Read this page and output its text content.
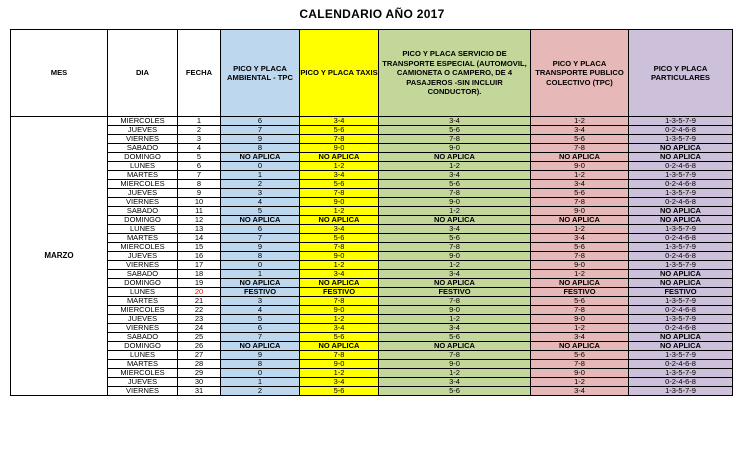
CALENDARIO AÑO 2017
MES	DIA	FECHA	PICO Y PLACA AMBIENTAL - TPC	PICO Y PLACA TAXIS	PICO Y PLACA SERVICIO DE TRANSPORTE ESPECIAL (AUTOMOVIL, CAMIONETA O CAMPERO, DE 4 PASAJEROS -SIN INCLUIR CONDUCTOR).	PICO Y PLACA TRANSPORTE PUBLICO COLECTIVO (TPC)	PICO Y PLACA PARTICULARES
MARZO	MIERCOLES	1	6	3-4	3-4	1-2	1-3-5-7-9
	JUEVES	2	7	5-6	5-6	3-4	0-2-4-6-8
	VIERNES	3	9	7-8	7-8	5-6	1-3-5-7-9
	SABADO	4	8	9-0	9-0	7-8	NO APLICA
	DOMINGO	5	NO APLICA	NO APLICA	NO APLICA	NO APLICA	NO APLICA
	LUNES	6	0	1-2	1-2	9-0	0-2-4-6-8
	MARTES	7	1	3-4	3-4	1-2	1-3-5-7-9
	MIERCOLES	8	2	5-6	5-6	3-4	0-2-4-6-8
	JUEVES	9	3	7-8	7-8	5-6	1-3-5-7-9
	VIERNES	10	4	9-0	9-0	7-8	0-2-4-6-8
	SABADO	11	5	1-2	1-2	9-0	NO APLICA
	DOMINGO	12	NO APLICA	NO APLICA	NO APLICA	NO APLICA	NO APLICA
	LUNES	13	6	3-4	3-4	1-2	1-3-5-7-9
	MARTES	14	7	5-6	5-6	3-4	0-2-4-6-8
	MIERCOLES	15	9	7-8	7-8	5-6	1-3-5-7-9
	JUEVES	16	8	9-0	9-0	7-8	0-2-4-6-8
	VIERNES	17	0	1-2	1-2	9-0	1-3-5-7-9
	SABADO	18	1	3-4	3-4	1-2	NO APLICA
	DOMINGO	19	NO APLICA	NO APLICA	NO APLICA	NO APLICA	NO APLICA
	LUNES	20	FESTIVO	FESTIVO	FESTIVO	FESTIVO	FESTIVO
	MARTES	21	3	7-8	7-8	5-6	1-3-5-7-9
	MIERCOLES	22	4	9-0	9-0	7-8	0-2-4-6-8
	JUEVES	23	5	1-2	1-2	9-0	1-3-5-7-9
	VIERNES	24	6	3-4	3-4	1-2	0-2-4-6-8
	SABADO	25	7	5-6	5-6	3-4	NO APLICA
	DOMINGO	26	NO APLICA	NO APLICA	NO APLICA	NO APLICA	NO APLICA
	LUNES	27	9	7-8	7-8	5-6	1-3-5-7-9
	MARTES	28	8	9-0	9-0	7-8	0-2-4-6-8
	MIERCOLES	29	0	1-2	1-2	9-0	1-3-5-7-9
	JUEVES	30	1	3-4	3-4	1-2	0-2-4-6-8
	VIERNES	31	2	5-6	5-6	3-4	1-3-5-7-9
